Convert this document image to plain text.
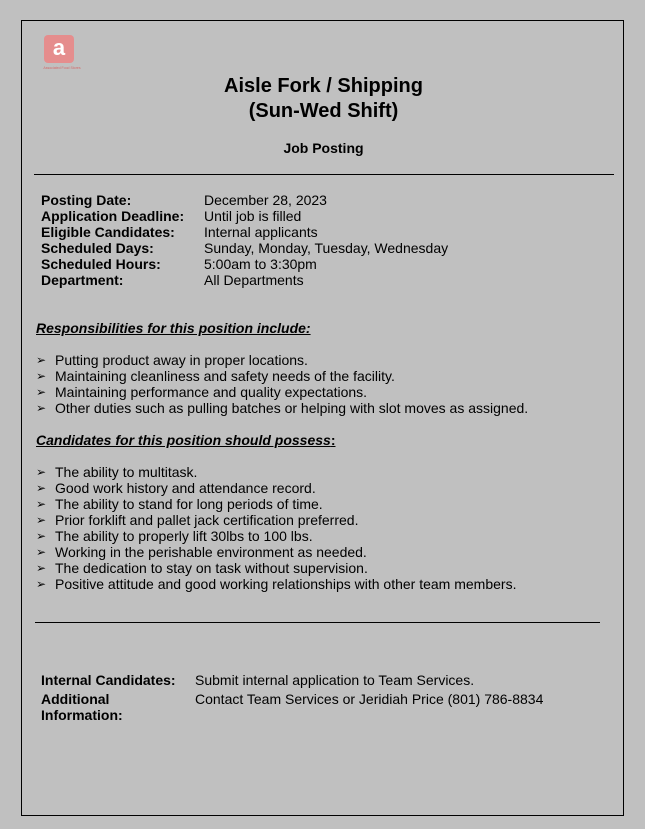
a
Associated Food Stores
Aisle Fork / Shipping
(Sun-Wed Shift)
Job Posting
Posting Date:	December 28, 2023
Application Deadline: Until job is filled
Eligible Candidates: Internal applicants
Scheduled Days:	Sunday, Monday, Tuesday, Wednesday
Scheduled Hours:	5:00am to 3:30pm
Department:	All Departments
Responsibilities for this position include:
➢ Putting product away in proper locations.
➢ Maintaining cleanliness and safety needs of the facility.
➢ Maintaining performance and quality expectations.
➢ Other duties such as pulling batches or helping with slot moves as assigned.
Candidates for this position should possess:
➢ The ability to multitask.
➢ Good work history and attendance record.
➢ The ability to stand for long periods of time.
➢ Prior forklift and pallet jack certification preferred.
➢ The ability to properly lift 30lbs to 100 lbs.
➢ Working in the perishable environment as needed.
➢ The dedication to stay on task without supervision.
➢ Positive attitude and good working relationships with other team members.
Internal Candidates:	Submit internal application to Team Services.
Additional Information:
Contact Team Services or Jeridiah Price (801) 786-8834
